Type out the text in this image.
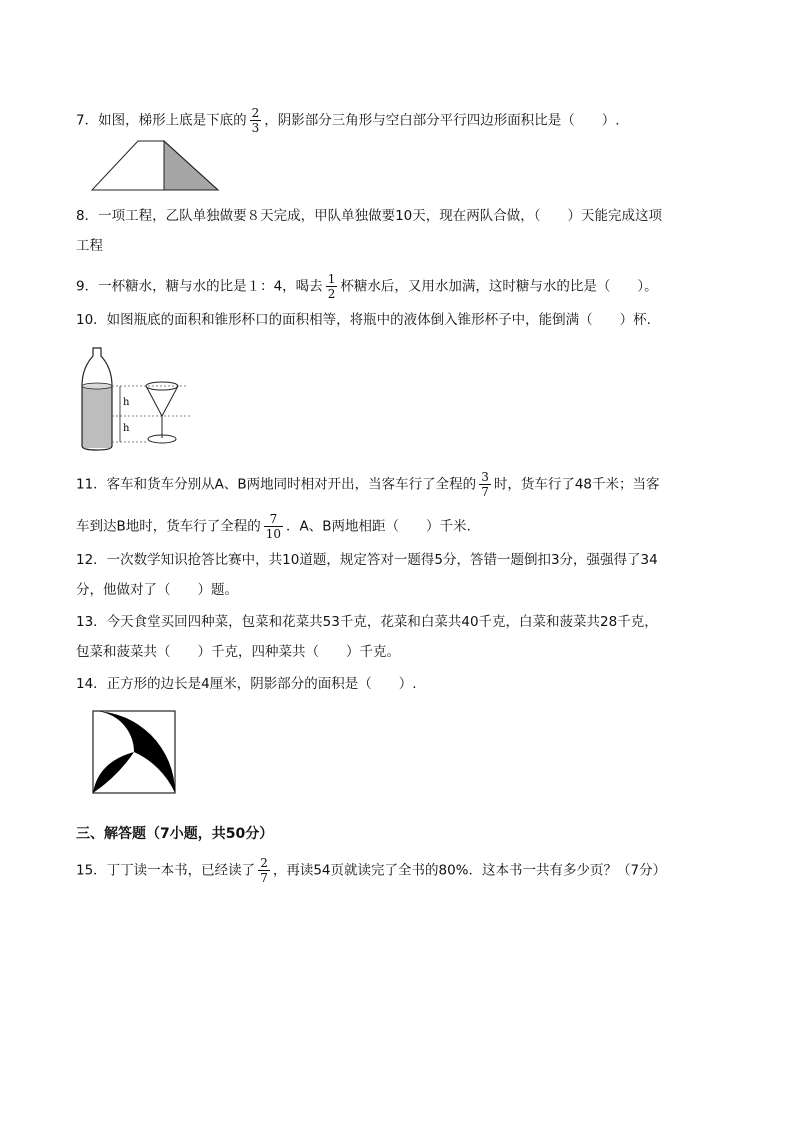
7．如图，梯形上底是下底的 $\frac{2}{3}$ ，阴影部分三角形与空白部分平行四边形面积比是（　　）.
8．一项工程，乙队单独做要８天完成，甲队单独做要10天，现在两队合做，（　　）天能完成这项
工程
9．一杯糖水，糖与水的比是１：4，喝去 $\frac{1}{2}$ 杯糖水后，又用水加满，这时糖与水的比是（　　）。
10．如图瓶底的面积和锥形杯口的面积相等，将瓶中的液体倒入锥形杯子中，能倒满（　　）杯.
h
h
11．客车和货车分别从A、B两地同时相对开出，当客车行了全程的 $\frac{3}{7}$ 时，货车行了48千米；当客
车到达B地时，货车行了全程的 $\frac{7}{10}$ ．A、B两地相距（　　）千米.
12．一次数学知识抢答比赛中，共10道题，规定答对一题得5分，答错一题倒扣3分，强强得了34
分，他做对了（　　）题。
13．今天食堂买回四种菜，包菜和花菜共53千克，花菜和白菜共40千克，白菜和菠菜共28千克，
包菜和菠菜共（　　）千克，四种菜共（　　）千克。
14．正方形的边长是4厘米，阴影部分的面积是（　　）.
三、解答题（7小题，共50分）
15．丁丁读一本书，已经读了 $\frac{2}{7}$ ，再读54页就读完了全书的80%．这本书一共有多少页？（7分）
